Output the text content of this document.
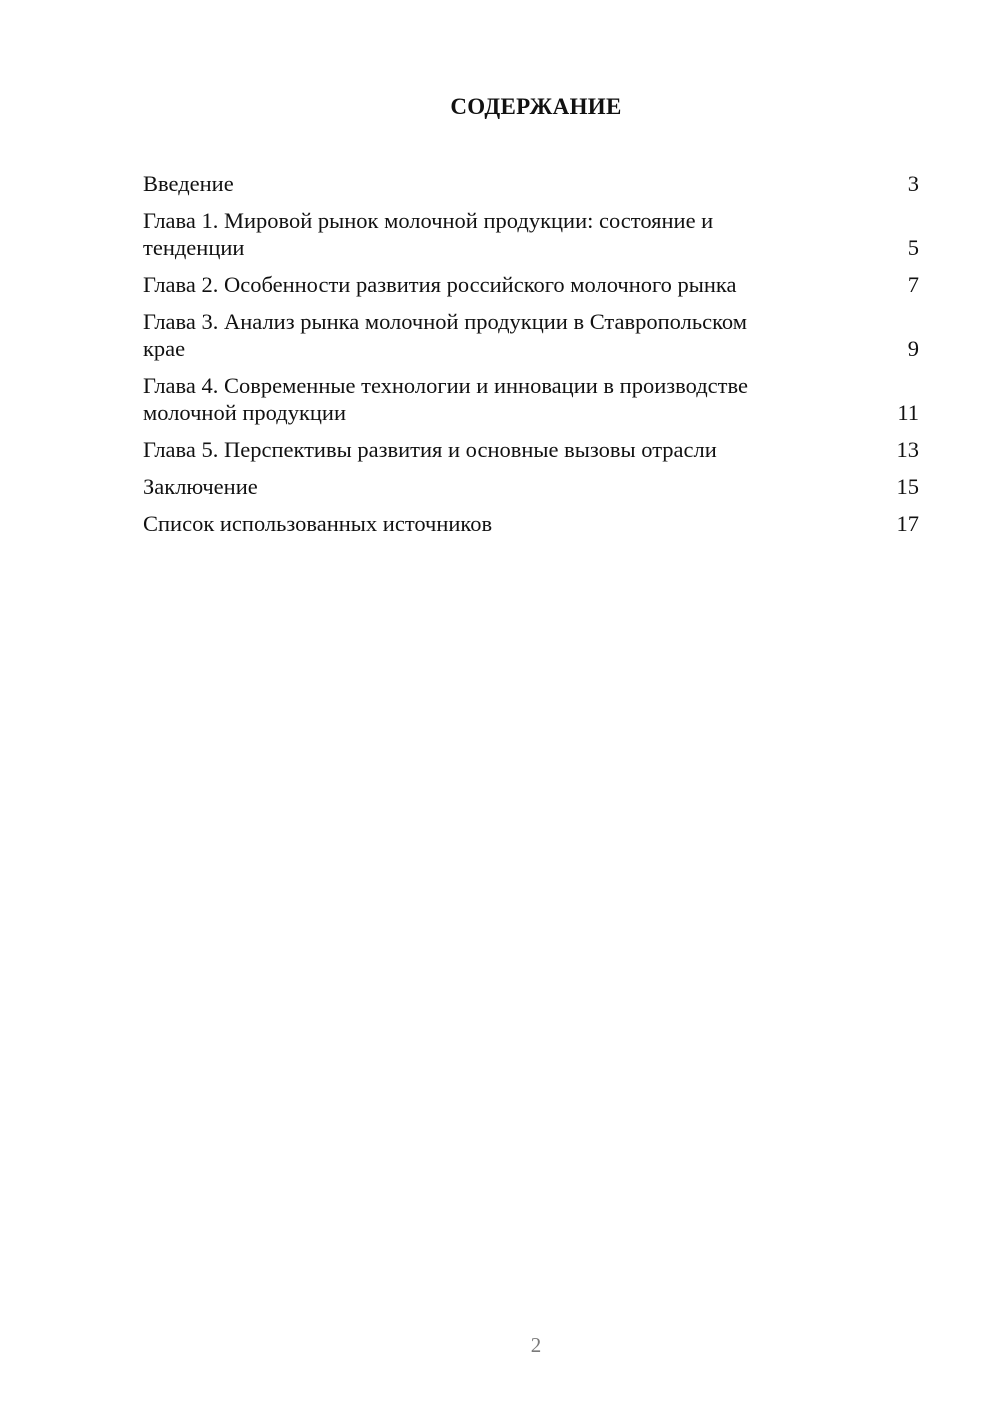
СОДЕРЖАНИЕ
Введение	3
Глава 1. Мировой рынок молочной продукции: состояние и
тенденции	5
Глава 2. Особенности развития российского молочного рынка	7
Глава 3. Анализ рынка молочной продукции в Ставропольском
крае	9
Глава 4. Современные технологии и инновации в производстве
молочной продукции	11
Глава 5. Перспективы развития и основные вызовы отрасли	13
Заключение	15
Список использованных источников	17
2
